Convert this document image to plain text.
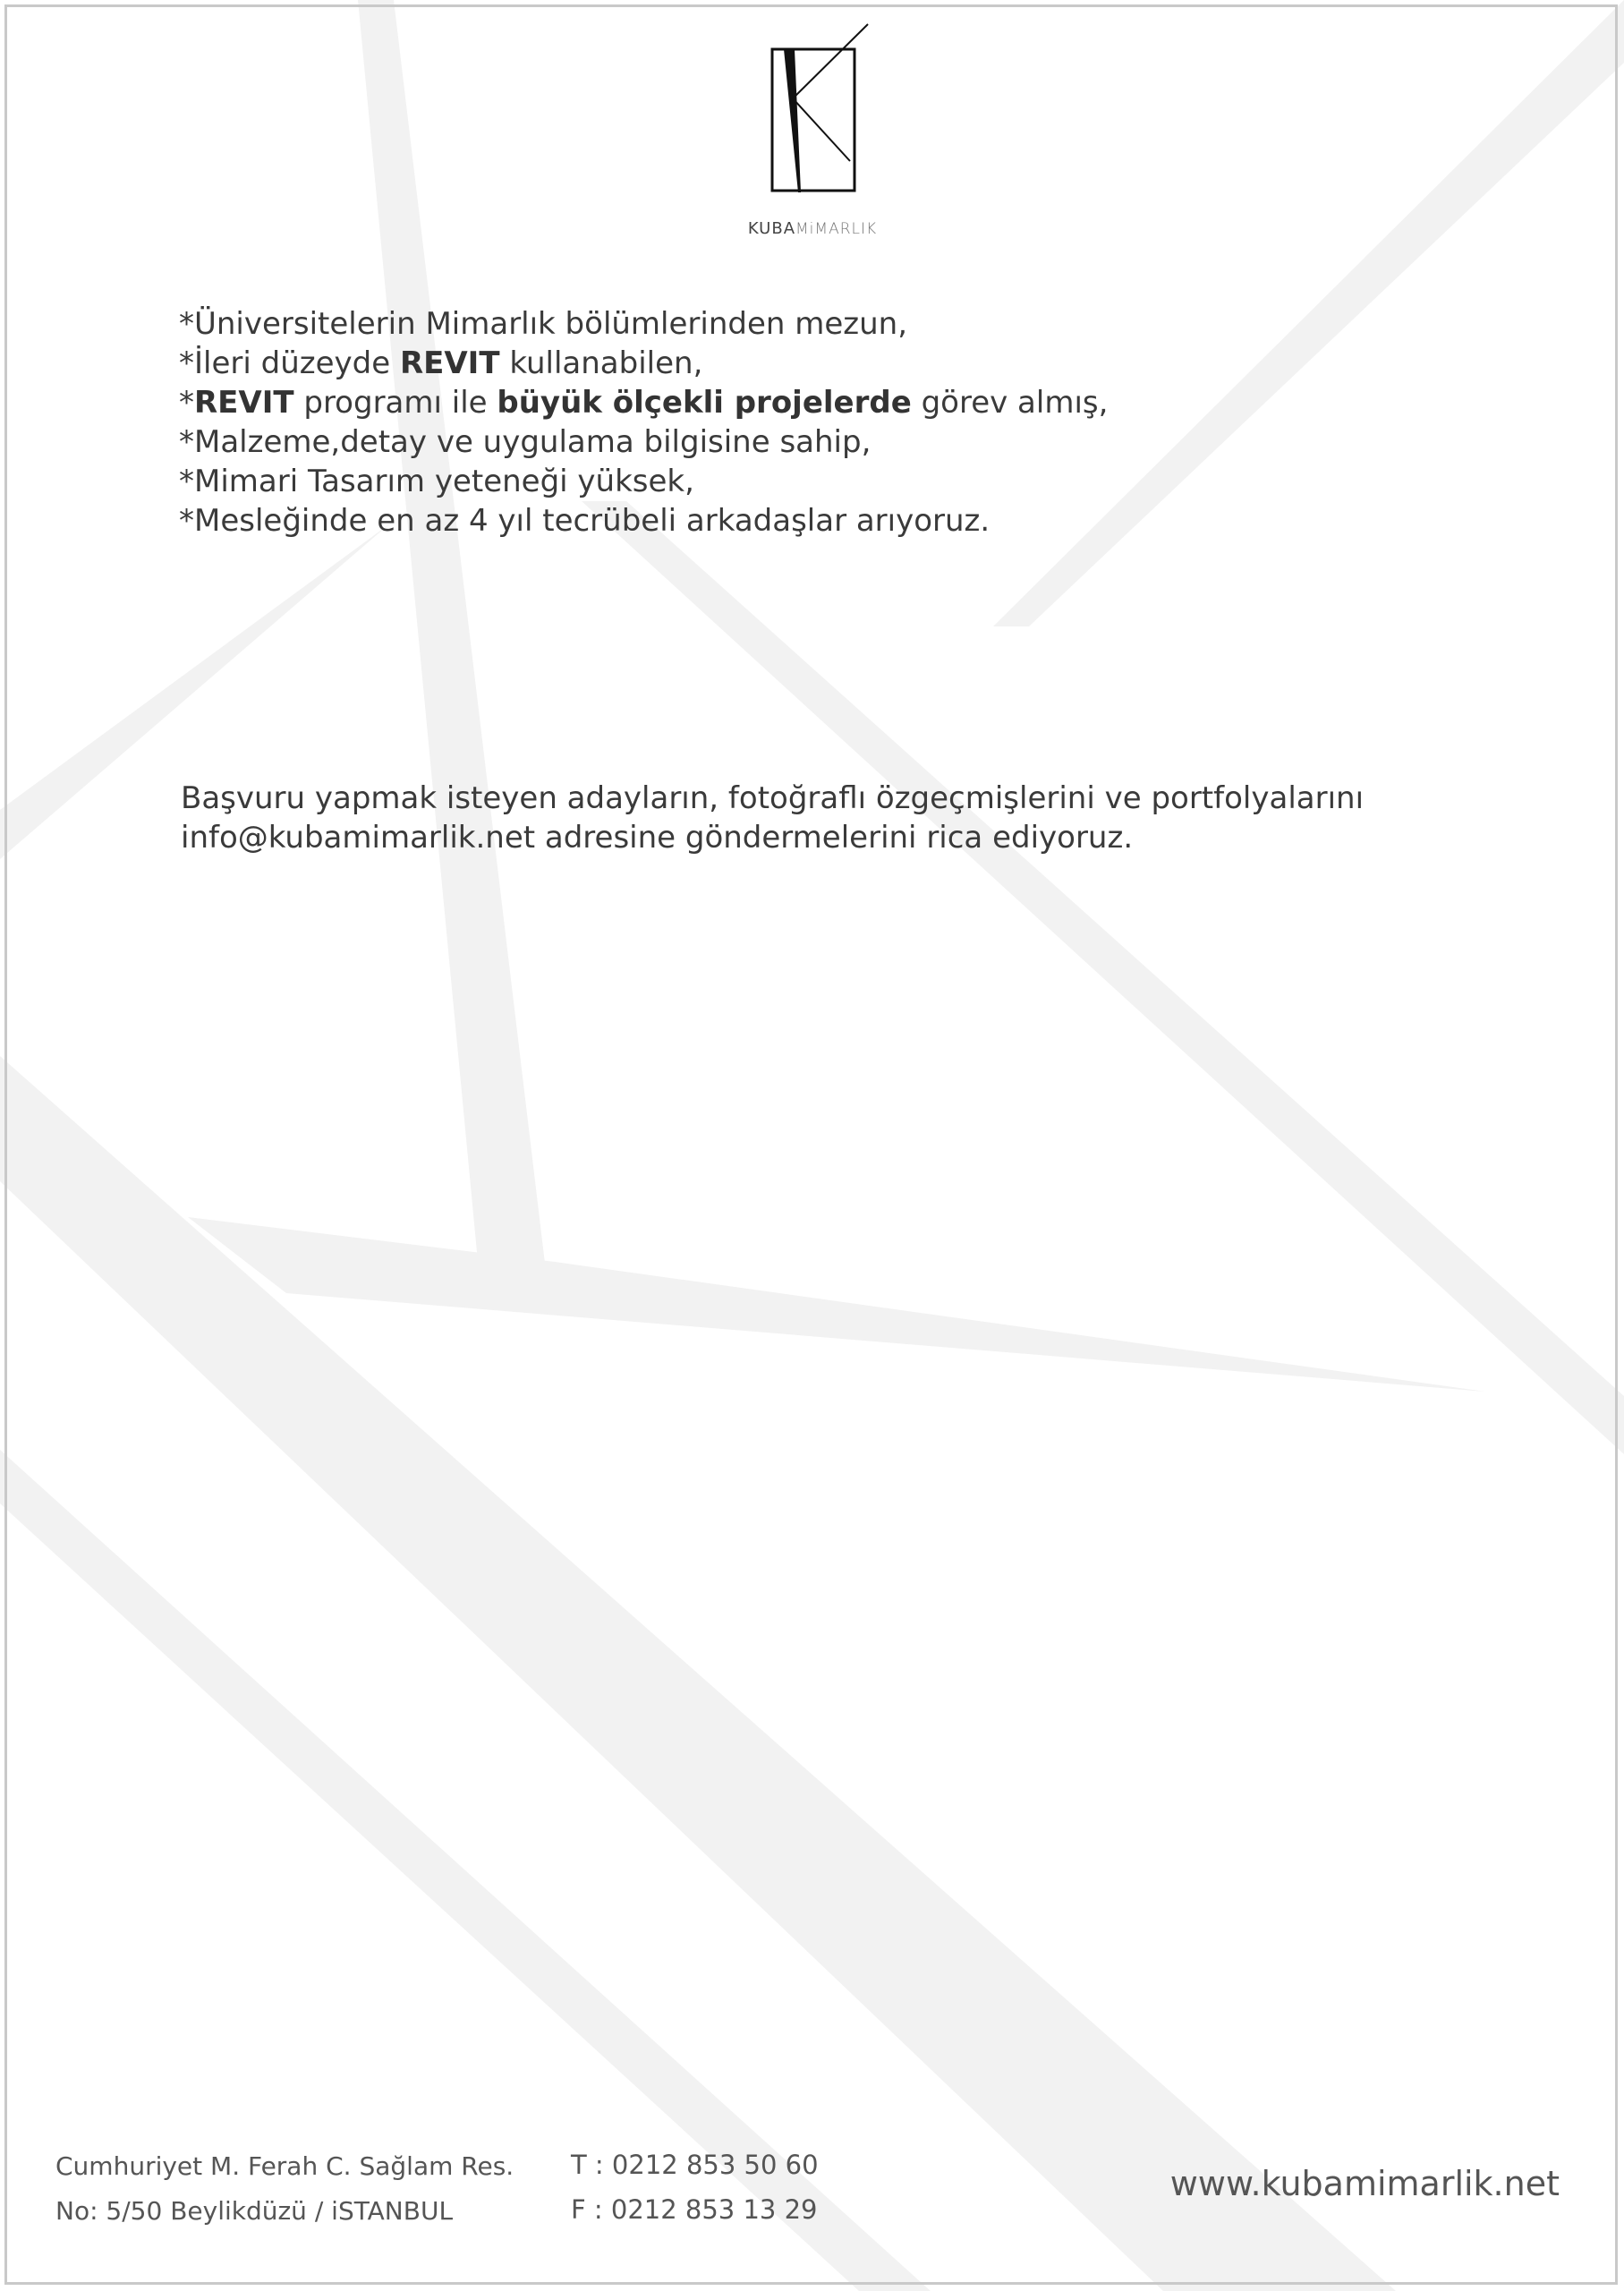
KUBAMiMARLIK
*Üniversitelerin Mimarlık bölümlerinden mezun,
*İleri düzeyde REVIT kullanabilen,
*REVIT programı ile büyük ölçekli projelerde görev almış,
*Malzeme,detay ve uygulama bilgisine sahip,
*Mimari Tasarım yeteneği yüksek,
*Mesleğinde en az 4 yıl tecrübeli arkadaşlar arıyoruz.
Başvuru yapmak isteyen adayların, fotoğraflı özgeçmişlerini ve portfolyalarını
info@kubamimarlik.net adresine göndermelerini rica ediyoruz.
Cumhuriyet M. Ferah C. Sağlam Res.
No: 5/50 Beylikdüzü / iSTANBUL
T : 0212 853 50 60
F : 0212 853 13 29
www.kubamimarlik.net
